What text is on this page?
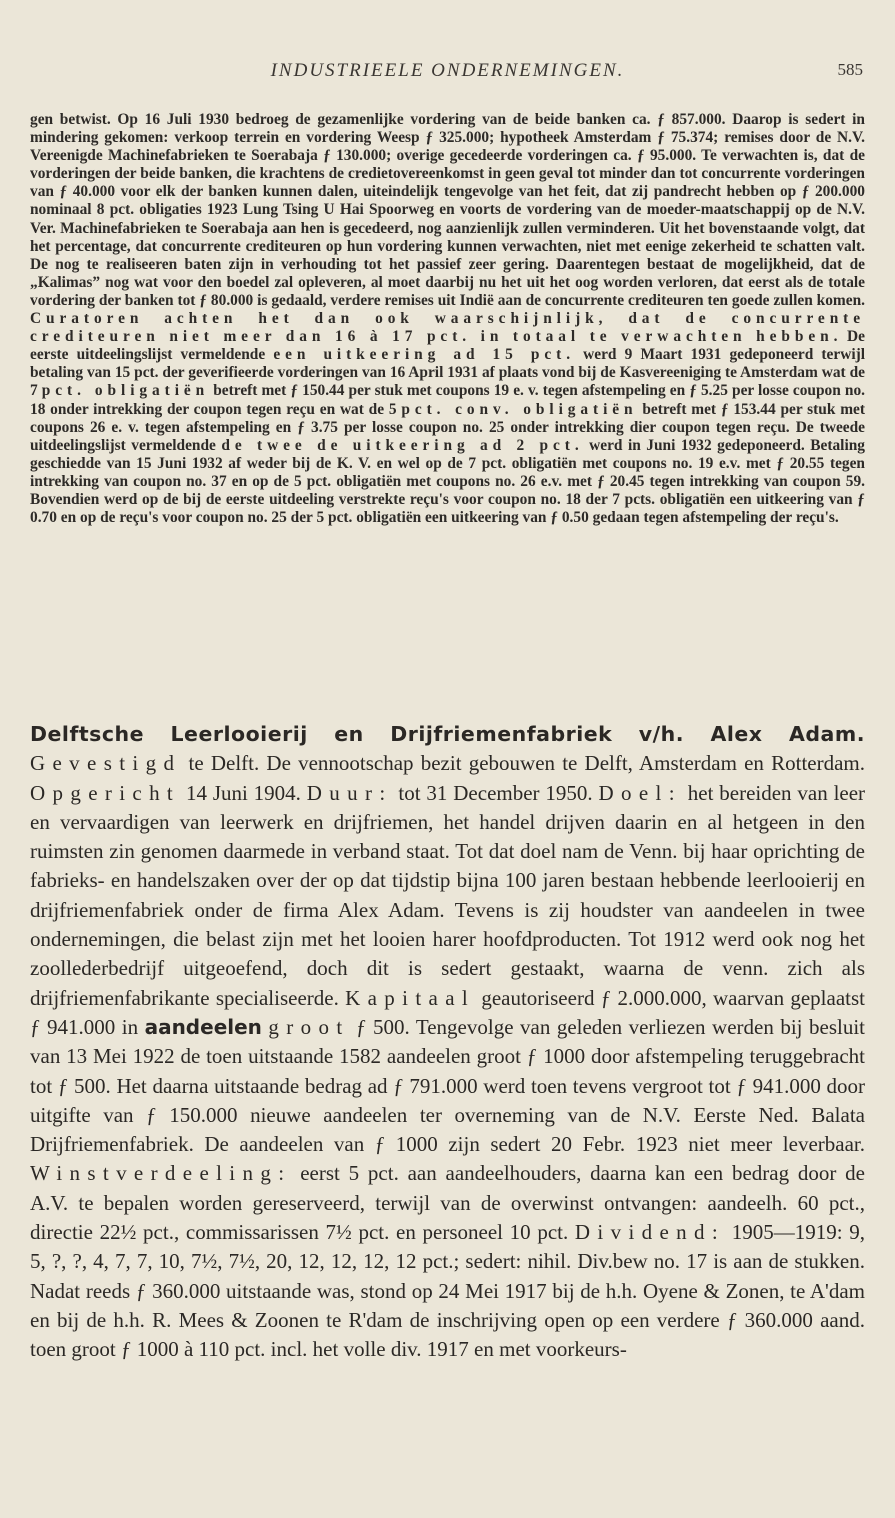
INDUSTRIEELE ONDERNEMINGEN.	585

gen betwist. Op 16 Juli 1930 bedroeg de gezamenlijke vordering van de beide banken ca. ƒ 857.000. Daarop is sedert in mindering gekomen: verkoop terrein en vordering Weesp ƒ 325.000; hypotheek Amsterdam ƒ 75.374; remises door de N.V. Vereenigde Machinefabrieken te Soerabaja ƒ 130.000; overige gecedeerde vorderingen ca. ƒ 95.000. Te verwachten is, dat de vorderingen der beide banken, die krachtens de credietovereenkomst in geen geval tot minder dan tot concurrente vorderingen van ƒ 40.000 voor elk der banken kunnen dalen, uiteindelijk tengevolge van het feit, dat zij pandrecht hebben op ƒ 200.000 nominaal 8 pct. obligaties 1923 Lung Tsing U Hai Spoorweg en voorts de vordering van de moeder-maatschappij op de N.V. Ver. Machinefabrieken te Soerabaja aan hen is gecedeerd, nog aanzienlijk zullen verminderen. Uit het bovenstaande volgt, dat het percentage, dat concurrente crediteuren op hun vordering kunnen verwachten, niet met eenige zekerheid te schatten valt. De nog te realiseeren baten zijn in verhouding tot het passief zeer gering. Daarentegen bestaat de mogelijkheid, dat de „Kalimas” nog wat voor den boedel zal opleveren, al moet daarbij nu het uit het oog worden verloren, dat eerst als de totale vordering der banken tot ƒ 80.000 is gedaald, verdere remises uit Indië aan de concurrente crediteuren ten goede zullen komen. Curatoren achten het dan ook waarschijnlijk, dat de concurrente crediteuren niet meer dan 16 à 17 pct. in totaal te verwachten hebben. De eerste uitdeelingslijst vermeldende een uitkeering ad 15 pct. werd 9 Maart 1931 gedeponeerd terwijl betaling van 15 pct. der geverifieerde vorderingen van 16 April 1931 af plaats vond bij de Kasvereeniging te Amsterdam wat de 7 pct. obligatiën betreft met ƒ 150.44 per stuk met coupons 19 e. v. tegen afstempeling en ƒ 5.25 per losse coupon no. 18 onder intrekking der coupon tegen reçu en wat de 5 pct. conv. obligatiën betreft met ƒ 153.44 per stuk met coupons 26 e. v. tegen afstempeling en ƒ 3.75 per losse coupon no. 25 onder intrekking dier coupon tegen reçu. De tweede uitdeelingslijst vermeldende de twee de uitkeering ad 2 pct. werd in Juni 1932 gedeponeerd. Betaling geschiedde van 15 Juni 1932 af weder bij de K. V. en wel op de 7 pct. obligatiën met coupons no. 19 e.v. met ƒ 20.55 tegen intrekking van coupon no. 37 en op de 5 pct. obligatiën met coupons no. 26 e.v. met ƒ 20.45 tegen intrekking van coupon 59. Bovendien werd op de bij de eerste uitdeeling verstrekte reçu's voor coupon no. 18 der 7 pcts. obligatiën een uitkeering van ƒ 0.70 en op de reçu's voor coupon no. 25 der 5 pct. obligatiën een uitkeering van ƒ 0.50 gedaan tegen afstempeling der reçu's.

Delftsche Leerlooierij en Drijfriemenfabriek v/h. Alex Adam. Gevestigd te Delft. De vennootschap bezit gebouwen te Delft, Amsterdam en Rotterdam. Opgericht 14 Juni 1904. Duur: tot 31 December 1950. Doel: het bereiden van leer en vervaardigen van leerwerk en drijfriemen, het handel drijven daarin en al hetgeen in den ruimsten zin genomen daarmede in verband staat. Tot dat doel nam de Venn. bij haar oprichting de fabrieks- en handelszaken over der op dat tijdstip bijna 100 jaren bestaan hebbende leerlooierij en drijfriemenfabriek onder de firma Alex Adam. Tevens is zij houdster van aandeelen in twee ondernemingen, die belast zijn met het looien harer hoofdproducten. Tot 1912 werd ook nog het zoollederbedrijf uitgeoefend, doch dit is sedert gestaakt, waarna de venn. zich als drijfriemenfabrikante specialiseerde. Kapitaal geautoriseerd ƒ 2.000.000, waarvan geplaatst ƒ 941.000 in aandeelen groot ƒ 500. Tengevolge van geleden verliezen werden bij besluit van 13 Mei 1922 de toen uitstaande 1582 aandeelen groot ƒ 1000 door afstempeling teruggebracht tot ƒ 500. Het daarna uitstaande bedrag ad ƒ 791.000 werd toen tevens vergroot tot ƒ 941.000 door uitgifte van ƒ 150.000 nieuwe aandeelen ter overneming van de N.V. Eerste Ned. Balata Drijfriemenfabriek. De aandeelen van ƒ 1000 zijn sedert 20 Febr. 1923 niet meer leverbaar. Winstverdeeling: eerst 5 pct. aan aandeelhouders, daarna kan een bedrag door de A.V. te bepalen worden gereserveerd, terwijl van de overwinst ontvangen: aandeelh. 60 pct., directie 22½ pct., commissarissen 7½ pct. en personeel 10 pct. Dividend: 1905—1919: 9, 5, ?, ?, 4, 7, 7, 10, 7½, 7½, 20, 12, 12, 12, 12 pct.; sedert: nihil. Div.bew no. 17 is aan de stukken. Nadat reeds ƒ 360.000 uitstaande was, stond op 24 Mei 1917 bij de h.h. Oyene & Zonen, te A'dam en bij de h.h. R. Mees & Zoonen te R'dam de inschrijving open op een verdere ƒ 360.000 aand. toen groot ƒ 1000 à 110 pct. incl. het volle div. 1917 en met voorkeurs-
